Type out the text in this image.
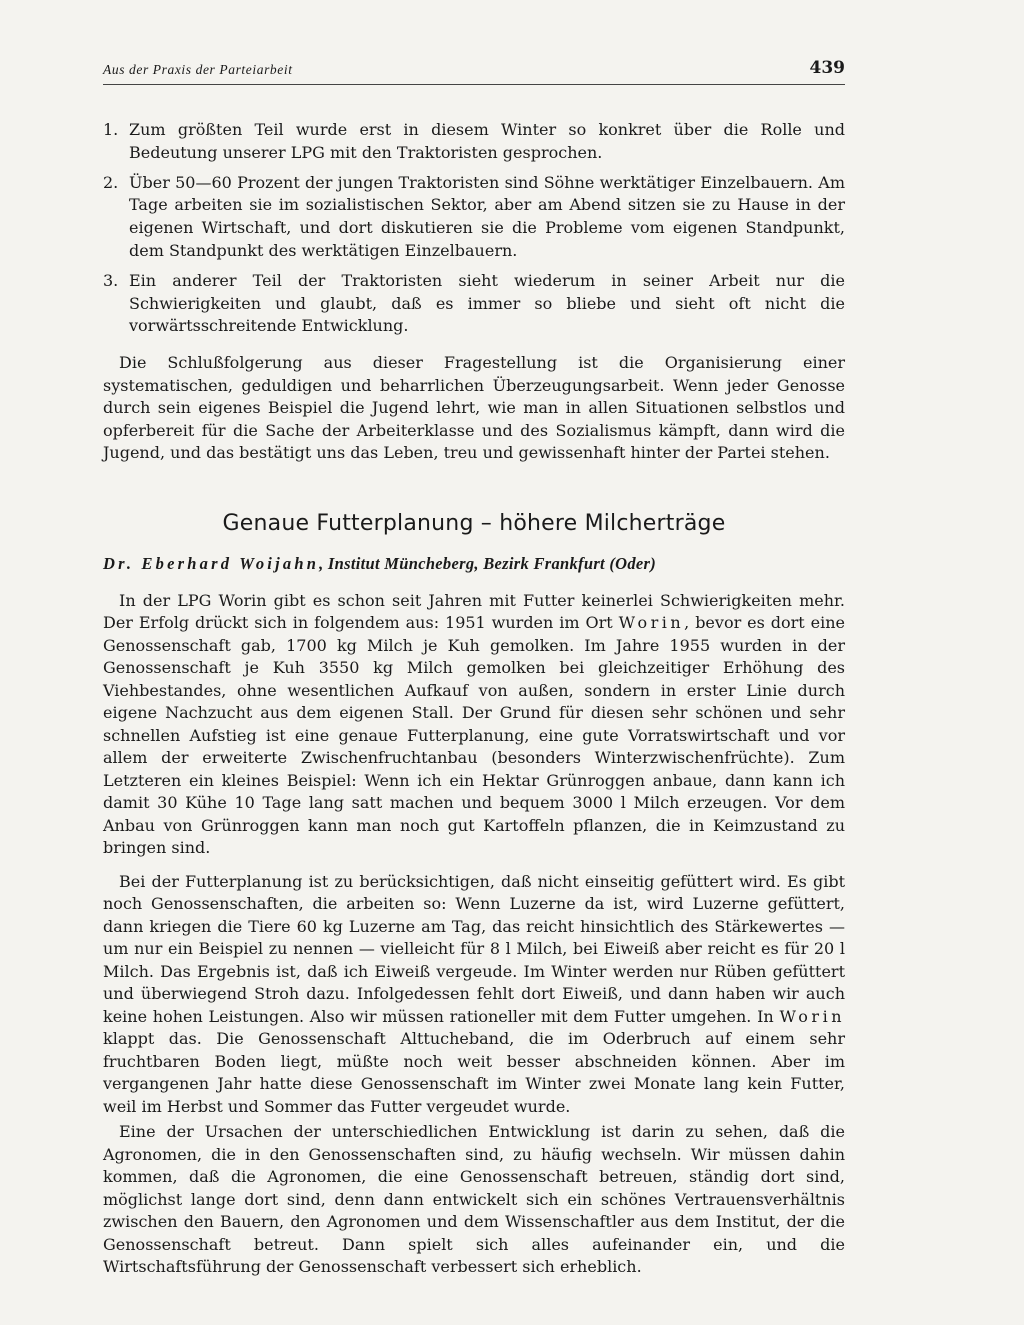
Aus der Praxis der Parteiarbeit	439
1. Zum größten Teil wurde erst in diesem Winter so konkret über die Rolle und Bedeutung unserer LPG mit den Traktoristen gesprochen.
2. Über 50—60 Prozent der jungen Traktoristen sind Söhne werktätiger Einzelbauern. Am Tage arbeiten sie im sozialistischen Sektor, aber am Abend sitzen sie zu Hause in der eigenen Wirtschaft, und dort diskutieren sie die Probleme vom eigenen Standpunkt, dem Standpunkt des werktätigen Einzelbauern.
3. Ein anderer Teil der Traktoristen sieht wiederum in seiner Arbeit nur die Schwierigkeiten und glaubt, daß es immer so bliebe und sieht oft nicht die vorwärtsschreitende Entwicklung.

Die Schlußfolgerung aus dieser Fragestellung ist die Organisierung einer systematischen, geduldigen und beharrlichen Überzeugungsarbeit. Wenn jeder Genosse durch sein eigenes Beispiel die Jugend lehrt, wie man in allen Situationen selbstlos und opferbereit für die Sache der Arbeiterklasse und des Sozialismus kämpft, dann wird die Jugend, und das bestätigt uns das Leben, treu und gewissenhaft hinter der Partei stehen.

Genaue Futterplanung – höhere Milcherträge
Dr. Eberhard Woijahn, Institut Müncheberg, Bezirk Frankfurt (Oder)

In der LPG Worin gibt es schon seit Jahren mit Futter keinerlei Schwierigkeiten mehr. Der Erfolg drückt sich in folgendem aus: 1951 wurden im Ort Worin, bevor es dort eine Genossenschaft gab, 1700 kg Milch je Kuh gemolken. Im Jahre 1955 wurden in der Genossenschaft je Kuh 3550 kg Milch gemolken bei gleichzeitiger Erhöhung des Viehbestandes, ohne wesentlichen Aufkauf von außen, sondern in erster Linie durch eigene Nachzucht aus dem eigenen Stall. Der Grund für diesen sehr schönen und sehr schnellen Aufstieg ist eine genaue Futterplanung, eine gute Vorratswirtschaft und vor allem der erweiterte Zwischenfruchtanbau (besonders Winterzwischenfrüchte). Zum Letzteren ein kleines Beispiel: Wenn ich ein Hektar Grünroggen anbaue, dann kann ich damit 30 Kühe 10 Tage lang satt machen und bequem 3000 l Milch erzeugen. Vor dem Anbau von Grünroggen kann man noch gut Kartoffeln pflanzen, die in Keimzustand zu bringen sind.

Bei der Futterplanung ist zu berücksichtigen, daß nicht einseitig gefüttert wird. Es gibt noch Genossenschaften, die arbeiten so: Wenn Luzerne da ist, wird Luzerne gefüttert, dann kriegen die Tiere 60 kg Luzerne am Tag, das reicht hinsichtlich des Stärkewertes — um nur ein Beispiel zu nennen — vielleicht für 8 l Milch, bei Eiweiß aber reicht es für 20 l Milch. Das Ergebnis ist, daß ich Eiweiß vergeude. Im Winter werden nur Rüben gefüttert und überwiegend Stroh dazu. Infolgedessen fehlt dort Eiweiß, und dann haben wir auch keine hohen Leistungen. Also wir müssen rationeller mit dem Futter umgehen. In Worin klappt das. Die Genossenschaft Alttucheband, die im Oderbruch auf einem sehr fruchtbaren Boden liegt, müßte noch weit besser abschneiden können. Aber im vergangenen Jahr hatte diese Genossenschaft im Winter zwei Monate lang kein Futter, weil im Herbst und Sommer das Futter vergeudet wurde.

Eine der Ursachen der unterschiedlichen Entwicklung ist darin zu sehen, daß die Agronomen, die in den Genossenschaften sind, zu häufig wechseln. Wir müssen dahin kommen, daß die Agronomen, die eine Genossenschaft betreuen, ständig dort sind, möglichst lange dort sind, denn dann entwickelt sich ein schönes Vertrauensverhältnis zwischen den Bauern, den Agronomen und dem Wissenschaftler aus dem Institut, der die Genossenschaft betreut. Dann spielt sich alles aufeinander ein, und die Wirtschaftsführung der Genossenschaft verbessert sich erheblich.
